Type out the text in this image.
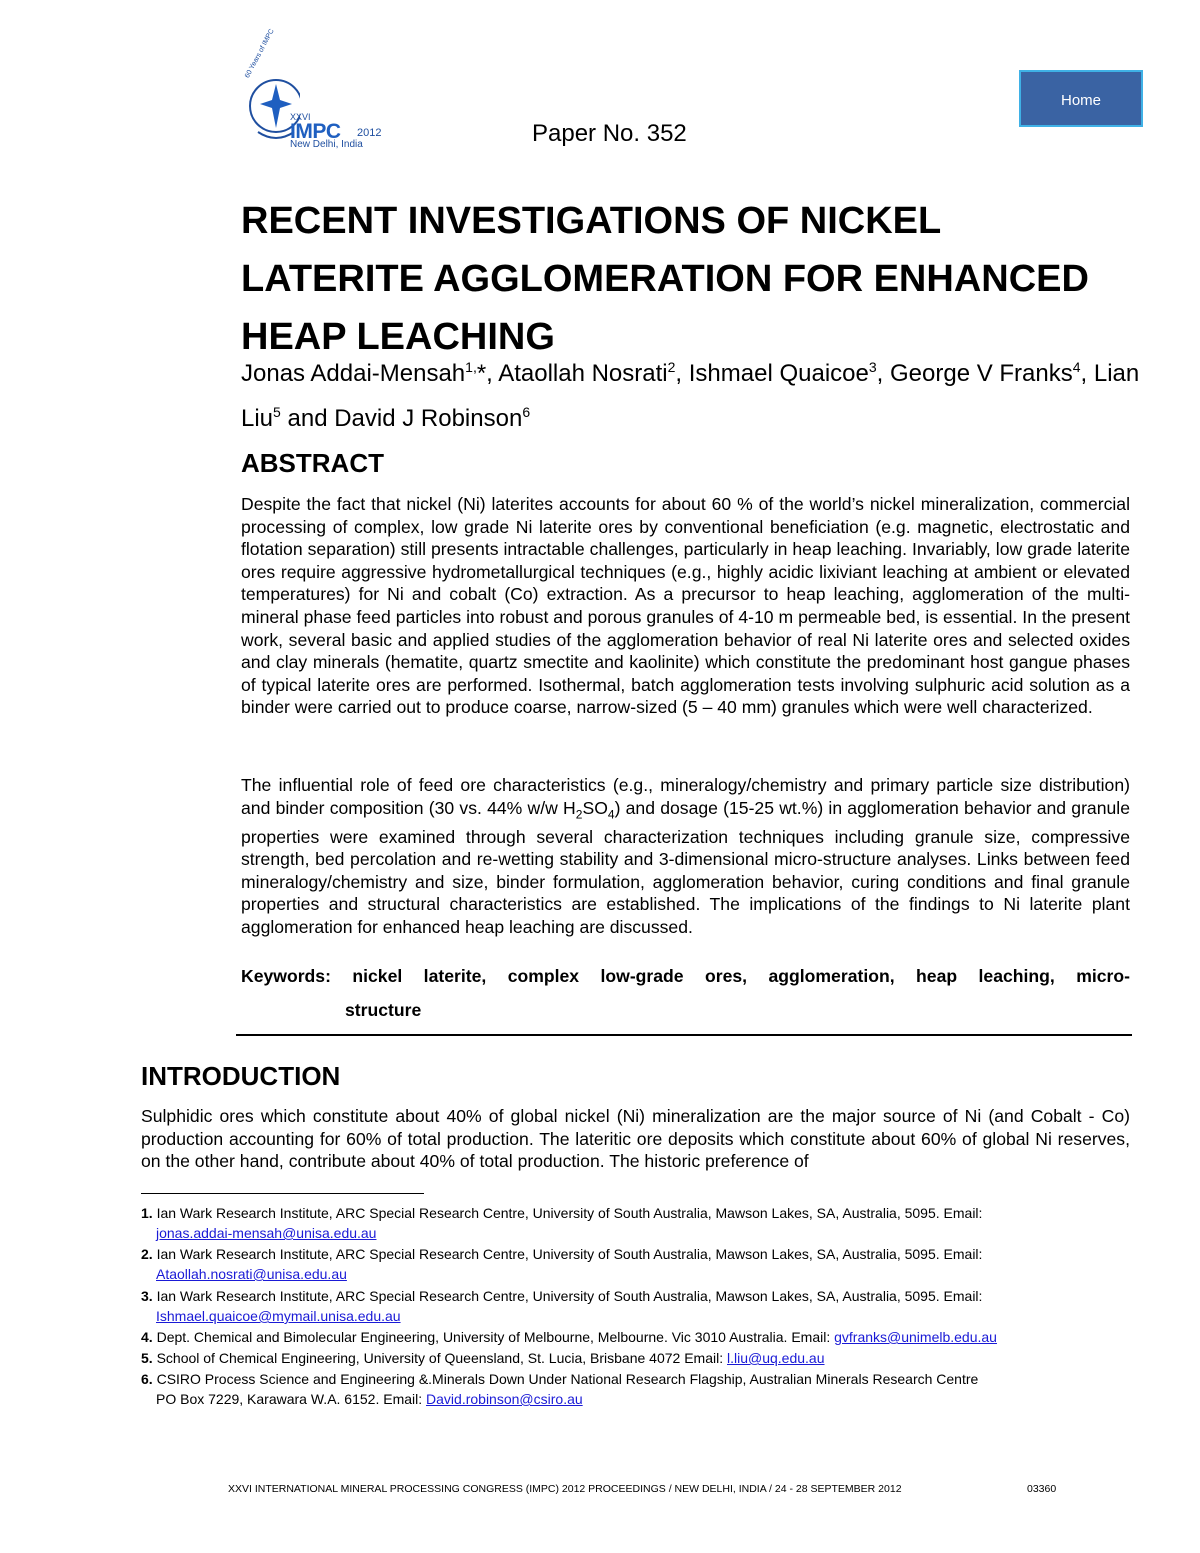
60 Years of IMPC
XXVI
IMPC 2012
New Delhi, India	Paper No. 352
Home
RECENT INVESTIGATIONS OF NICKEL
LATERITE AGGLOMERATION FOR ENHANCED
HEAP LEACHING
Jonas Addai-Mensah$^{1,}$*, Ataollah Nosrati$^2$, Ishmael Quaicoe$^3$, George V Franks$^4$, Lian Liu$^5$ and David J Robinson$^6$
ABSTRACT
Despite the fact that nickel (Ni) laterites accounts for about 60 % of the world’s nickel mineralization, commercial processing of complex, low grade Ni laterite ores by conventional beneficiation (e.g. magnetic, electrostatic and flotation separation) still presents intractable challenges, particularly in heap leaching. Invariably, low grade laterite ores require aggressive hydrometallurgical techniques (e.g., highly acidic lixiviant leaching at ambient or elevated temperatures) for Ni and cobalt (Co) extraction. As a precursor to heap leaching, agglomeration of the multi-mineral phase feed particles into robust and porous granules of 4-10 m permeable bed, is essential. In the present work, several basic and applied studies of the agglomeration behavior of real Ni laterite ores and selected oxides and clay minerals (hematite, quartz smectite and kaolinite) which constitute the predominant host gangue phases of typical laterite ores are performed. Isothermal, batch agglomeration tests involving sulphuric acid solution as a binder were carried out to produce coarse, narrow-sized (5 – 40 mm) granules which were well characterized.
The influential role of feed ore characteristics (e.g., mineralogy/chemistry and primary particle size distribution) and binder composition (30 vs. 44% w/w $H_2SO_4$) and dosage (15-25 wt.%) in agglomeration behavior and granule properties were examined through several characterization techniques including granule size, compressive strength, bed percolation and re-wetting stability and 3-dimensional micro-structure analyses. Links between feed mineralogy/chemistry and size, binder formulation, agglomeration behavior, curing conditions and final granule properties and structural characteristics are established. The implications of the findings to Ni laterite plant agglomeration for enhanced heap leaching are discussed.
Keywords: nickel laterite, complex low-grade ores, agglomeration, heap leaching, micro-
structure
INTRODUCTION
Sulphidic ores which constitute about 40% of global nickel (Ni) mineralization are the major source of Ni (and Cobalt - Co) production accounting for 60% of total production. The lateritic ore deposits which constitute about 60% of global Ni reserves, on the other hand, contribute about 40% of total production. The historic preference of
1. Ian Wark Research Institute, ARC Special Research Centre, University of South Australia, Mawson Lakes, SA, Australia, 5095. Email:
jonas.addai-mensah@unisa.edu.au
2. Ian Wark Research Institute, ARC Special Research Centre, University of South Australia, Mawson Lakes, SA, Australia, 5095. Email:
Ataollah.nosrati@unisa.edu.au
3. Ian Wark Research Institute, ARC Special Research Centre, University of South Australia, Mawson Lakes, SA, Australia, 5095. Email:
Ishmael.quaicoe@mymail.unisa.edu.au
4. Dept. Chemical and Bimolecular Engineering, University of Melbourne, Melbourne. Vic 3010 Australia. Email: gvfranks@unimelb.edu.au
5. School of Chemical Engineering, University of Queensland, St. Lucia, Brisbane 4072 Email: l.liu@uq.edu.au
6. CSIRO Process Science and Engineering &.Minerals Down Under National Research Flagship, Australian Minerals Research Centre
PO Box 7229, Karawara W.A. 6152. Email: David.robinson@csiro.au
XXVI INTERNATIONAL MINERAL PROCESSING CONGRESS (IMPC) 2012 PROCEEDINGS / NEW DELHI, INDIA / 24 - 28 SEPTEMBER 2012	03360
